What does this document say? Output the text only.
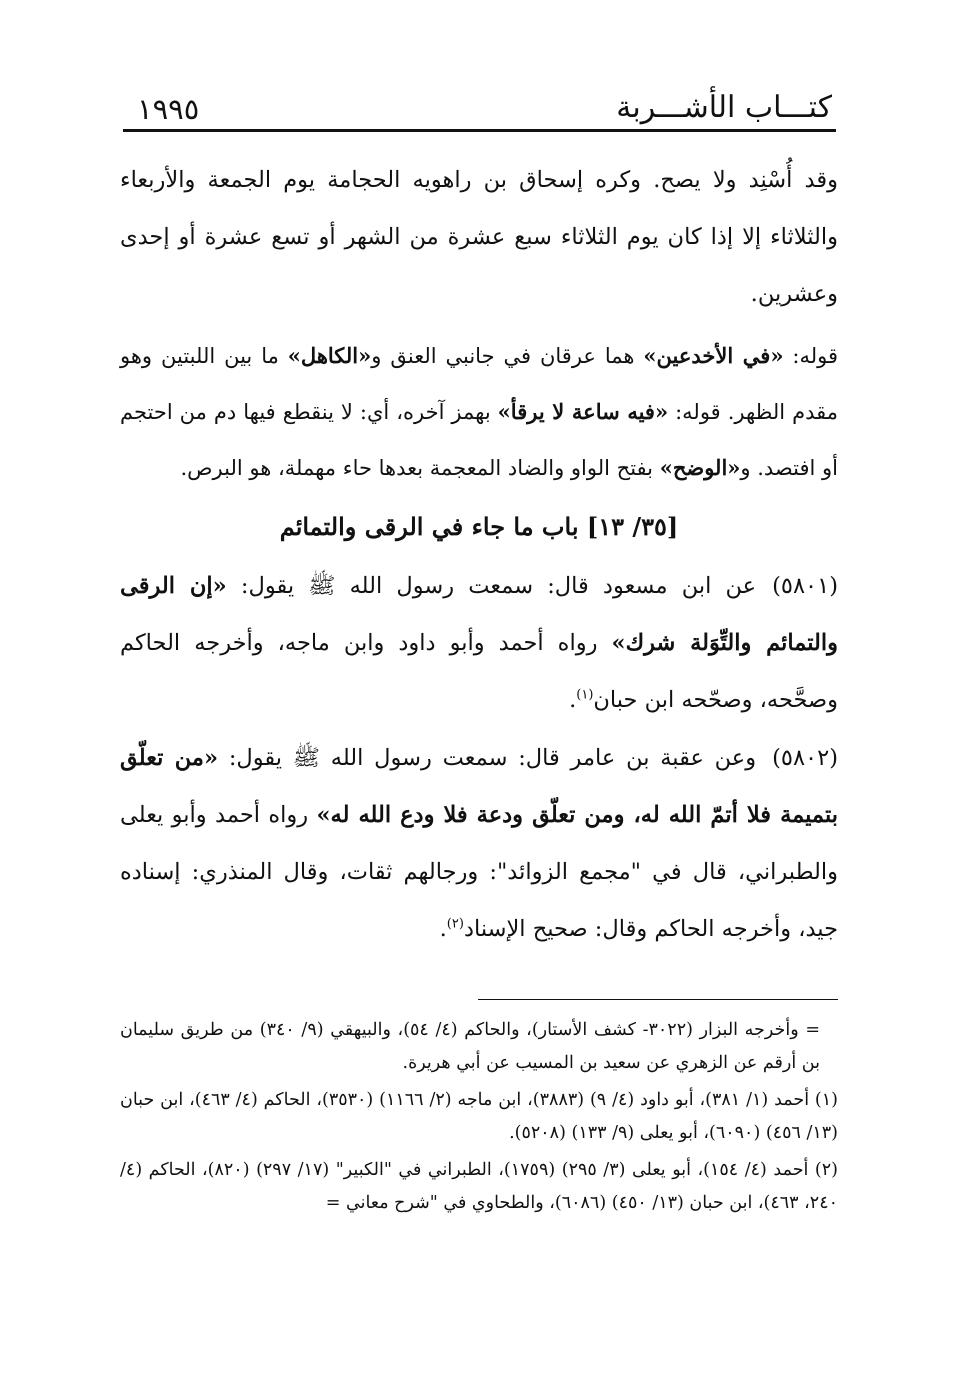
كتـــاب الأشـــربة
١٩٩٥
وقد أُسْنِد ولا يصح. وكره إسحاق بن راهويه الحجامة يوم الجمعة والأربعاء والثلاثاء إلا إذا كان يوم الثلاثاء سبع عشرة من الشهر أو تسع عشرة أو إحدى وعشرين.
قوله: «في الأخدعين» هما عرقان في جانبي العنق و«الكاهل» ما بين اللبتين وهو مقدم الظهر. قوله: «فيه ساعة لا يرقأ» بهمز آخره، أي: لا ينقطع فيها دم من احتجم أو افتصد. و«الوضح» بفتح الواو والضاد المعجمة بعدها حاء مهملة، هو البرص.
[٣٥/ ١٣] باب ما جاء في الرقى والتمائم
(٥٨٠١)عن ابن مسعود قال: سمعت رسول الله ﷺ يقول: «إن الرقى والتمائم والتِّوَلة شرك» رواه أحمد وأبو داود وابن ماجه، وأخرجه الحاكم وصحَّحه، وصحّحه ابن حبان$^{(١)}$.
(٥٨٠٢)وعن عقبة بن عامر قال: سمعت رسول الله ﷺ يقول: «من تعلّق بتميمة فلا أتمّ الله له، ومن تعلّق ودعة فلا ودع الله له» رواه أحمد وأبو يعلى والطبراني، قال في "مجمع الزوائد": ورجالهم ثقات، وقال المنذري: إسناده جيد، وأخرجه الحاكم وقال: صحيح الإسناد$^{(٢)}$.

= وأخرجه البزار (٣٠٢٢- كشف الأستار)، والحاكم (٤/ ٥٤)، والبيهقي (٩/ ٣٤٠) من طريق سليمان بن أرقم عن الزهري عن سعيد بن المسيب عن أبي هريرة.

(١) أحمد (١/ ٣٨١)، أبو داود (٤/ ٩) (٣٨٨٣)، ابن ماجه (٢/ ١١٦٦) (٣٥٣٠)، الحاكم (٤/ ٤٦٣)، ابن حبان (١٣/ ٤٥٦) (٦٠٩٠)، أبو يعلى (٩/ ١٣٣) (٥٢٠٨).

(٢) أحمد (٤/ ١٥٤)، أبو يعلى (٣/ ٢٩٥) (١٧٥٩)، الطبراني في "الكبير" (١٧/ ٢٩٧) (٨٢٠)، الحاكم (٤/ ٢٤٠، ٤٦٣)، ابن حبان (١٣/ ٤٥٠) (٦٠٨٦)، والطحاوي في "شرح معاني =
